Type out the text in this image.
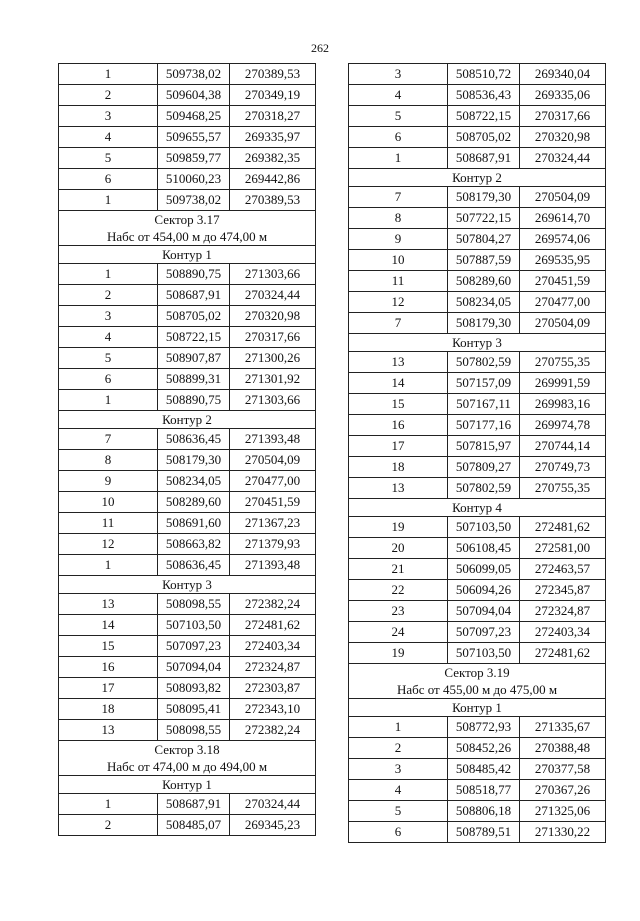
262
1	509738,02	270389,53
2	509604,38	270349,19
3	509468,25	270318,27
4	509655,57	269335,97
5	509859,77	269382,35
6	510060,23	269442,86
1	509738,02	270389,53
Сектор 3.17
Набс от 454,00 м до 474,00 м
Контур 1
1	508890,75	271303,66
2	508687,91	270324,44
3	508705,02	270320,98
4	508722,15	270317,66
5	508907,87	271300,26
6	508899,31	271301,92
1	508890,75	271303,66
Контур 2
7	508636,45	271393,48
8	508179,30	270504,09
9	508234,05	270477,00
10	508289,60	270451,59
11	508691,60	271367,23
12	508663,82	271379,93
1	508636,45	271393,48
Контур 3
13	508098,55	272382,24
14	507103,50	272481,62
15	507097,23	272403,34
16	507094,04	272324,87
17	508093,82	272303,87
18	508095,41	272343,10
13	508098,55	272382,24
Сектор 3.18
Набс от 474,00 м до 494,00 м
Контур 1
1	508687,91	270324,44
2	508485,07	269345,23
3	508510,72	269340,04
4	508536,43	269335,06
5	508722,15	270317,66
6	508705,02	270320,98
1	508687,91	270324,44
Контур 2
7	508179,30	270504,09
8	507722,15	269614,70
9	507804,27	269574,06
10	507887,59	269535,95
11	508289,60	270451,59
12	508234,05	270477,00
7	508179,30	270504,09
Контур 3
13	507802,59	270755,35
14	507157,09	269991,59
15	507167,11	269983,16
16	507177,16	269974,78
17	507815,97	270744,14
18	507809,27	270749,73
13	507802,59	270755,35
Контур 4
19	507103,50	272481,62
20	506108,45	272581,00
21	506099,05	272463,57
22	506094,26	272345,87
23	507094,04	272324,87
24	507097,23	272403,34
19	507103,50	272481,62
Сектор 3.19
Набс от 455,00 м до 475,00 м
Контур 1
1	508772,93	271335,67
2	508452,26	270388,48
3	508485,42	270377,58
4	508518,77	270367,26
5	508806,18	271325,06
6	508789,51	271330,22
